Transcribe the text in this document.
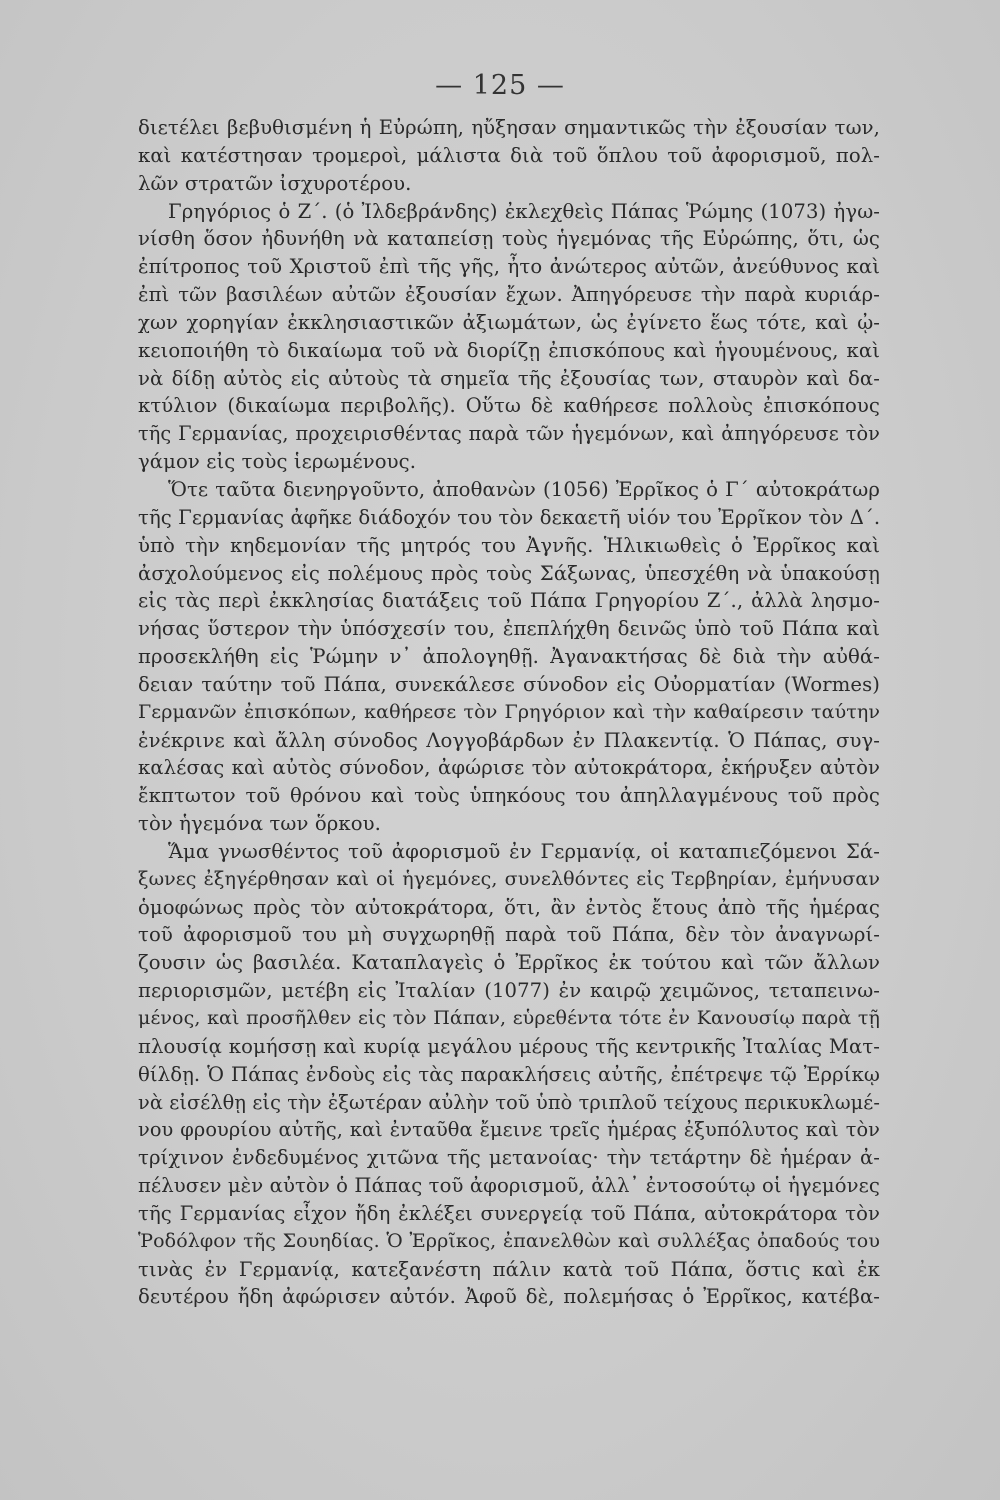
— 125 —
διετέλει βεβυθισμένη ἡ Εὐρώπη, ηὔξησαν σημαντικῶς τὴν ἐξουσίαν των,
καὶ κατέστησαν τρομεροὶ, μάλιστα διὰ τοῦ ὅπλου τοῦ ἀφορισμοῦ, πολ-
λῶν στρατῶν ἰσχυροτέρου.
Γρηγόριος ὁ Ζ΄. (ὁ Ἰλδεβράνδης) ἐκλεχθεὶς Πάπας Ῥώμης (1073) ἠγω-
νίσθη ὅσον ἠδυνήθη νὰ καταπείσῃ τοὺς ἡγεμόνας τῆς Εὐρώπης, ὅτι, ὡς
ἐπίτροπος τοῦ Χριστοῦ ἐπὶ τῆς γῆς, ἦτο ἀνώτερος αὐτῶν, ἀνεύθυνος καὶ
ἐπὶ τῶν βασιλέων αὐτῶν ἐξουσίαν ἔχων. Ἀπηγόρευσε τὴν παρὰ κυριάρ-
χων χορηγίαν ἐκκλησιαστικῶν ἀξιωμάτων, ὡς ἐγίνετο ἕως τότε, καὶ ᾠ-
κειοποιήθη τὸ δικαίωμα τοῦ νὰ διορίζῃ ἐπισκόπους καὶ ἡγουμένους, καὶ
νὰ δίδῃ αὐτὸς εἰς αὐτοὺς τὰ σημεῖα τῆς ἐξουσίας των, σταυρὸν καὶ δα-
κτύλιον (δικαίωμα περιβολῆς). Οὕτω δὲ καθήρεσε πολλοὺς ἐπισκόπους
τῆς Γερμανίας, προχειρισθέντας παρὰ τῶν ἡγεμόνων, καὶ ἀπηγόρευσε τὸν
γάμον εἰς τοὺς ἱερωμένους.
Ὅτε ταῦτα διενηργοῦντο, ἀποθανὼν (1056) Ἐρρῖκος ὁ Γ΄ αὐτοκράτωρ
τῆς Γερμανίας ἀφῆκε διάδοχόν του τὸν δεκαετῆ υἱόν του Ἐρρῖκον τὸν Δ΄.
ὑπὸ τὴν κηδεμονίαν τῆς μητρός του Ἀγνῆς. Ἡλικιωθεὶς ὁ Ἐρρῖκος καὶ
ἀσχολούμενος εἰς πολέμους πρὸς τοὺς Σάξωνας, ὑπεσχέθη νὰ ὑπακούσῃ
εἰς τὰς περὶ ἐκκλησίας διατάξεις τοῦ Πάπα Γρηγορίου Ζ΄., ἀλλὰ λησμο-
νήσας ὕστερον τὴν ὑπόσχεσίν του, ἐπεπλήχθη δεινῶς ὑπὸ τοῦ Πάπα καὶ
προσεκλήθη εἰς Ῥώμην ν᾽ ἀπολογηθῇ. Ἀγανακτήσας δὲ διὰ τὴν αὐθά-
δειαν ταύτην τοῦ Πάπα, συνεκάλεσε σύνοδον εἰς Οὐορματίαν (Wormes)
Γερμανῶν ἐπισκόπων, καθήρεσε τὸν Γρηγόριον καὶ τὴν καθαίρεσιν ταύτην
ἐνέκρινε καὶ ἄλλη σύνοδος Λογγοβάρδων ἐν Πλακεντίᾳ. Ὁ Πάπας, συγ-
καλέσας καὶ αὐτὸς σύνοδον, ἀφώρισε τὸν αὐτοκράτορα, ἐκήρυξεν αὐτὸν
ἔκπτωτον τοῦ θρόνου καὶ τοὺς ὑπηκόους του ἀπηλλαγμένους τοῦ πρὸς
τὸν ἡγεμόνα των ὅρκου.
Ἅμα γνωσθέντος τοῦ ἀφορισμοῦ ἐν Γερμανίᾳ, οἱ καταπιεζόμενοι Σά-
ξωνες ἐξηγέρθησαν καὶ οἱ ἡγεμόνες, συνελθόντες εἰς Τερβηρίαν, ἐμήνυσαν
ὁμοφώνως πρὸς τὸν αὐτοκράτορα, ὅτι, ἂν ἐντὸς ἔτους ἀπὸ τῆς ἡμέρας
τοῦ ἀφορισμοῦ του μὴ συγχωρηθῇ παρὰ τοῦ Πάπα, δὲν τὸν ἀναγνωρί-
ζουσιν ὡς βασιλέα. Καταπλαγεὶς ὁ Ἐρρῖκος ἐκ τούτου καὶ τῶν ἄλλων
περιορισμῶν, μετέβη εἰς Ἰταλίαν (1077) ἐν καιρῷ χειμῶνος, τεταπεινω-
μένος, καὶ προσῆλθεν εἰς τὸν Πάπαν, εὑρεθέντα τότε ἐν Κανουσίῳ παρὰ τῇ
πλουσίᾳ κομήσσῃ καὶ κυρίᾳ μεγάλου μέρους τῆς κεντρικῆς Ἰταλίας Ματ-
θίλδῃ. Ὁ Πάπας ἐνδοὺς εἰς τὰς παρακλήσεις αὐτῆς, ἐπέτρεψε τῷ Ἐρρίκῳ
νὰ εἰσέλθῃ εἰς τὴν ἐξωτέραν αὐλὴν τοῦ ὑπὸ τριπλοῦ τείχους περικυκλωμέ-
νου φρουρίου αὐτῆς, καὶ ἐνταῦθα ἔμεινε τρεῖς ἡμέρας ἐξυπόλυτος καὶ τὸν
τρίχινον ἐνδεδυμένος χιτῶνα τῆς μετανοίας· τὴν τετάρτην δὲ ἡμέραν ἀ-
πέλυσεν μὲν αὐτὸν ὁ Πάπας τοῦ ἀφορισμοῦ, ἀλλ᾽ ἐντοσούτῳ οἱ ἡγεμόνες
τῆς Γερμανίας εἶχον ἤδη ἐκλέξει συνεργείᾳ τοῦ Πάπα, αὐτοκράτορα τὸν
Ῥοδόλφον τῆς Σουηδίας. Ὁ Ἐρρῖκος, ἐπανελθὼν καὶ συλλέξας ὀπαδούς του
τινὰς ἐν Γερμανίᾳ, κατεξανέστη πάλιν κατὰ τοῦ Πάπα, ὅστις καὶ ἐκ
δευτέρου ἤδη ἀφώρισεν αὐτόν. Ἀφοῦ δὲ, πολεμήσας ὁ Ἐρρῖκος, κατέβα-
